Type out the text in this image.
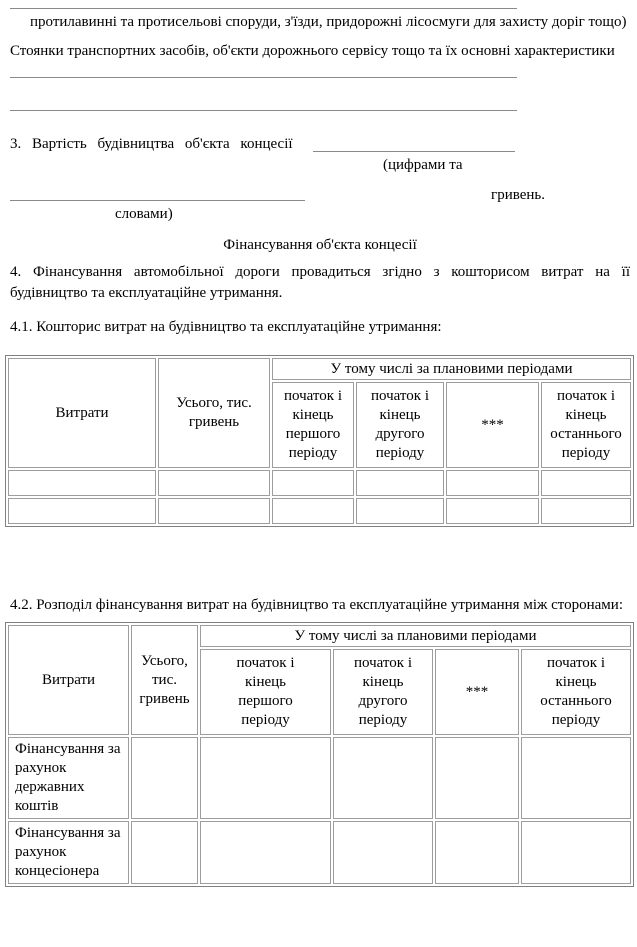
протилавинні та протисельові споруди, з'їзди, придорожні лісосмуги для захисту доріг тощо)

Стоянки транспортних засобів, об'єкти дорожнього сервісу тощо та їх основні характеристики

3. Вартість будівництва об'єкта концесії
(цифрами та
гривень.
словами)
Фінансування об'єкта концесії

4. Фінансування автомобільної дороги провадиться згідно з кошторисом витрат на її будівництво та експлуатаційне утримання.

4.1. Кошторис витрат на будівництво та експлуатаційне утримання:

Витрати	Усього, тис. гривень	У тому числі за плановими періодами			

		початок і кінець першого періоду	початок і кінець другого періоду	***	початок і кінець останнього періоду

4.2. Розподіл фінансування витрат на будівництво та експлуатаційне утримання між сторонами:

Витрати	Усього, тис. гривень	У тому числі за плановими періодами			

		початок і кінець першого періоду	початок і кінець другого періоду	***	початок і кінець останнього періоду

Фінансування за рахунок державних коштів					
Фінансування за рахунок концесіонера					
